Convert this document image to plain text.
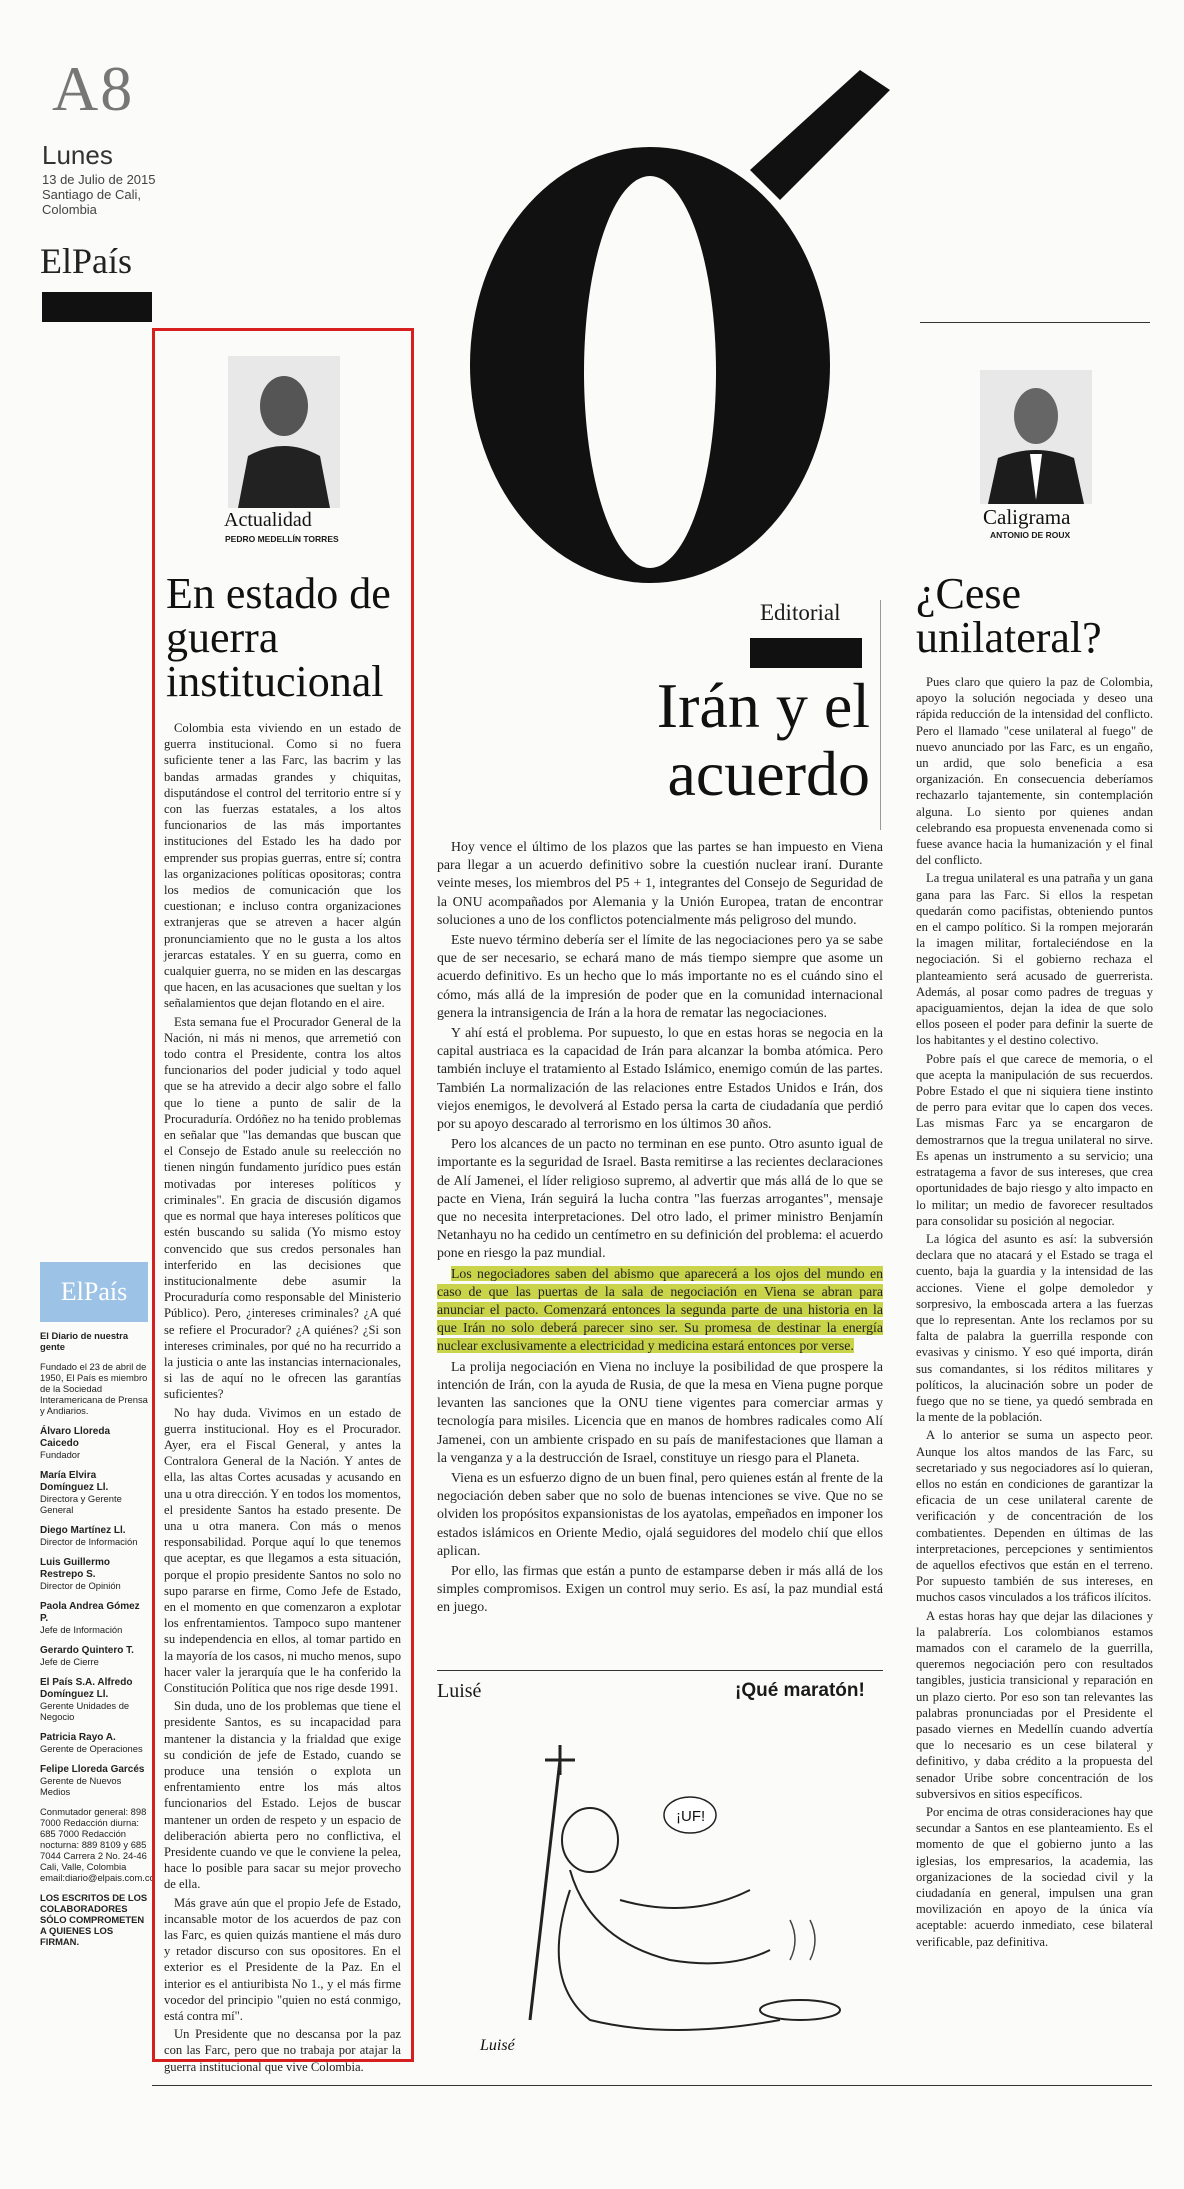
A8
Lunes
13 de Julio de 2015 Santiago de Cali, Colombia
ElPaís
ElPaís
El Diario de nuestra gente
Fundado el 23 de abril de 1950, El País es miembro de la Sociedad Interamericana de Prensa y Andiarios.
Álvaro Lloreda Caicedo
Fundador
María Elvira Domínguez Ll.
Directora y Gerente General
Diego Martínez Ll.
Director de Información
Luis Guillermo Restrepo S.
Director de Opinión
Paola Andrea Gómez P.
Jefe de Información
Gerardo Quintero T.
Jefe de Cierre
El País S.A. Alfredo Domínguez Ll.
Gerente Unidades de Negocio
Patricia Rayo A.
Gerente de Operaciones
Felipe Lloreda Garcés
Gerente de Nuevos Medios
Conmutador general: 898 7000 Redacción diurna: 685 7000 Redacción nocturna: 889 8109 y 685 7044 Carrera 2 No. 24-46 Cali, Valle, Colombia email:diario@elpais.com.co
LOS ESCRITOS DE LOS COLABORADORES SÓLO COMPROMETEN A QUIENES LOS FIRMAN.
Actualidad
PEDRO MEDELLÍN TORRES
En estado de guerra institucional

Colombia esta viviendo en un estado de guerra institucional. Como si no fuera suficiente tener a las Farc, las bacrim y las bandas armadas grandes y chiquitas, disputándose el control del territorio entre sí y con las fuerzas estatales, a los altos funcionarios de las más importantes instituciones del Estado les ha dado por emprender sus propias guerras, entre sí; contra las organizaciones políticas opositoras; contra los medios de comunicación que los cuestionan; e incluso contra organizaciones extranjeras que se atreven a hacer algún pronunciamiento que no le gusta a los altos jerarcas estatales. Y en su guerra, como en cualquier guerra, no se miden en las descargas que hacen, en las acusaciones que sueltan y los señalamientos que dejan flotando en el aire.

Esta semana fue el Procurador General de la Nación, ni más ni menos, que arremetió con todo contra el Presidente, contra los altos funcionarios del poder judicial y todo aquel que se ha atrevido a decir algo sobre el fallo que lo tiene a punto de salir de la Procuraduría. Ordóñez no ha tenido problemas en señalar que "las demandas que buscan que el Consejo de Estado anule su reelección no tienen ningún fundamento jurídico pues están motivadas por intereses políticos y criminales". En gracia de discusión digamos que es normal que haya intereses políticos que estén buscando su salida (Yo mismo estoy convencido que sus credos personales han interferido en las decisiones que institucionalmente debe asumir la Procuraduría como responsable del Ministerio Público). Pero, ¿intereses criminales? ¿A qué se refiere el Procurador? ¿A quiénes? ¿Si son intereses criminales, por qué no ha recurrido a la justicia o ante las instancias internacionales, si las de aquí no le ofrecen las garantías suficientes?

No hay duda. Vivimos en un estado de guerra institucional. Hoy es el Procurador. Ayer, era el Fiscal General, y antes la Contralora General de la Nación. Y antes de ella, las altas Cortes acusadas y acusando en una u otra dirección. Y en todos los momentos, el presidente Santos ha estado presente. De una u otra manera. Con más o menos responsabilidad. Porque aquí lo que tenemos que aceptar, es que llegamos a esta situación, porque el propio presidente Santos no solo no supo pararse en firme, Como Jefe de Estado, en el momento en que comenzaron a explotar los enfrentamientos. Tampoco supo mantener su independencia en ellos, al tomar partido en la mayoría de los casos, ni mucho menos, supo hacer valer la jerarquía que le ha conferido la Constitución Política que nos rige desde 1991.

Sin duda, uno de los problemas que tiene el presidente Santos, es su incapacidad para mantener la distancia y la frialdad que exige su condición de jefe de Estado, cuando se produce una tensión o explota un enfrentamiento entre los más altos funcionarios del Estado. Lejos de buscar mantener un orden de respeto y un espacio de deliberación abierta pero no conflictiva, el Presidente cuando ve que le conviene la pelea, hace lo posible para sacar su mejor provecho de ella.

Más grave aún que el propio Jefe de Estado, incansable motor de los acuerdos de paz con las Farc, es quien quizás mantiene el más duro y retador discurso con sus opositores. En el exterior es el Presidente de la Paz. En el interior es el antiuribista No 1., y el más firme vocedor del principio "quien no está conmigo, está contra mí".

Un Presidente que no descansa por la paz con las Farc, pero que no trabaja por atajar la guerra institucional que vive Colombia.

Editorial
Irán y el
acuerdo

Hoy vence el último de los plazos que las partes se han impuesto en Viena para llegar a un acuerdo definitivo sobre la cuestión nuclear iraní. Durante veinte meses, los miembros del P5 + 1, integrantes del Consejo de Seguridad de la ONU acompañados por Alemania y la Unión Europea, tratan de encontrar soluciones a uno de los conflictos potencialmente más peligroso del mundo.

Este nuevo término debería ser el límite de las negociaciones pero ya se sabe que de ser necesario, se echará mano de más tiempo siempre que asome un acuerdo definitivo. Es un hecho que lo más importante no es el cuándo sino el cómo, más allá de la impresión de poder que en la comunidad internacional genera la intransigencia de Irán a la hora de rematar las negociaciones.

Y ahí está el problema. Por supuesto, lo que en estas horas se negocia en la capital austriaca es la capacidad de Irán para alcanzar la bomba atómica. Pero también incluye el tratamiento al Estado Islámico, enemigo común de las partes. También La normalización de las relaciones entre Estados Unidos e Irán, dos viejos enemigos, le devolverá al Estado persa la carta de ciudadanía que perdió por su apoyo descarado al terrorismo en los últimos 30 años.

Pero los alcances de un pacto no terminan en ese punto. Otro asunto igual de importante es la seguridad de Israel. Basta remitirse a las recientes declaraciones de Alí Jamenei, el líder religioso supremo, al advertir que más allá de lo que se pacte en Viena, Irán seguirá la lucha contra "las fuerzas arrogantes", mensaje que no necesita interpretaciones. Del otro lado, el primer ministro Benjamín Netanhayu no ha cedido un centímetro en su definición del problema: el acuerdo pone en riesgo la paz mundial.

Los negociadores saben del abismo que aparecerá a los ojos del mundo en caso de que las puertas de la sala de negociación en Viena se abran para anunciar el pacto. Comenzará entonces la segunda parte de una historia en la que Irán no solo deberá parecer sino ser. Su promesa de destinar la energía nuclear exclusivamente a electricidad y medicina estará entonces por verse.

La prolija negociación en Viena no incluye la posibilidad de que prospere la intención de Irán, con la ayuda de Rusia, de que la mesa en Viena pugne porque levanten las sanciones que la ONU tiene vigentes para comerciar armas y tecnología para misiles. Licencia que en manos de hombres radicales como Alí Jamenei, con un ambiente crispado en su país de manifestaciones que llaman a la venganza y a la destrucción de Israel, constituye un riesgo para el Planeta.

Viena es un esfuerzo digno de un buen final, pero quienes están al frente de la negociación deben saber que no solo de buenas intenciones se vive. Que no se olviden los propósitos expansionistas de los ayatolas, empeñados en imponer los estados islámicos en Oriente Medio, ojalá seguidores del modelo chií que ellos aplican.

Por ello, las firmas que están a punto de estamparse deben ir más allá de los simples compromisos. Exigen un control muy serio. Es así, la paz mundial está en juego.

Luisé	¡Qué maratón!
¡UF!
Luisé
Caligrama
ANTONIO DE ROUX
¿Cese unilateral?

Pues claro que quiero la paz de Colombia, apoyo la solución negociada y deseo una rápida reducción de la intensidad del conflicto. Pero el llamado "cese unilateral al fuego" de nuevo anunciado por las Farc, es un engaño, un ardid, que solo beneficia a esa organización. En consecuencia deberíamos rechazarlo tajantemente, sin contemplación alguna. Lo siento por quienes andan celebrando esa propuesta envenenada como si fuese avance hacia la humanización y el final del conflicto.

La tregua unilateral es una patraña y un gana gana para las Farc. Si ellos la respetan quedarán como pacifistas, obteniendo puntos en el campo político. Si la rompen mejorarán la imagen militar, fortaleciéndose en la negociación. Si el gobierno rechaza el planteamiento será acusado de guerrerista. Además, al posar como padres de treguas y apaciguamientos, dejan la idea de que solo ellos poseen el poder para definir la suerte de los habitantes y el destino colectivo.

Pobre país el que carece de memoria, o el que acepta la manipulación de sus recuerdos. Pobre Estado el que ni siquiera tiene instinto de perro para evitar que lo capen dos veces. Las mismas Farc ya se encargaron de demostrarnos que la tregua unilateral no sirve. Es apenas un instrumento a su servicio; una estratagema a favor de sus intereses, que crea oportunidades de bajo riesgo y alto impacto en lo militar; un medio de favorecer resultados para consolidar su posición al negociar.

La lógica del asunto es así: la subversión declara que no atacará y el Estado se traga el cuento, baja la guardia y la intensidad de las acciones. Viene el golpe demoledor y sorpresivo, la emboscada artera a las fuerzas que lo representan. Ante los reclamos por su falta de palabra la guerrilla responde con evasivas y cinismo. Y eso qué importa, dirán sus comandantes, si los réditos militares y políticos, la alucinación sobre un poder de fuego que no se tiene, ya quedó sembrada en la mente de la población.

A lo anterior se suma un aspecto peor. Aunque los altos mandos de las Farc, su secretariado y sus negociadores así lo quieran, ellos no están en condiciones de garantizar la eficacia de un cese unilateral carente de verificación y de concentración de los combatientes. Dependen en últimas de las interpretaciones, percepciones y sentimientos de aquellos efectivos que están en el terreno. Por supuesto también de sus intereses, en muchos casos vinculados a los tráficos ilícitos.

A estas horas hay que dejar las dilaciones y la palabrería. Los colombianos estamos mamados con el caramelo de la guerrilla, queremos negociación pero con resultados tangibles, justicia transicional y reparación en un plazo cierto. Por eso son tan relevantes las palabras pronunciadas por el Presidente el pasado viernes en Medellín cuando advertía que lo necesario es un cese bilateral y definitivo, y daba crédito a la propuesta del senador Uribe sobre concentración de los subversivos en sitios específicos.

Por encima de otras consideraciones hay que secundar a Santos en ese planteamiento. Es el momento de que el gobierno junto a las iglesias, los empresarios, la academia, las organizaciones de la sociedad civil y la ciudadanía en general, impulsen una gran movilización en apoyo de la única vía aceptable: acuerdo inmediato, cese bilateral verificable, paz definitiva.
